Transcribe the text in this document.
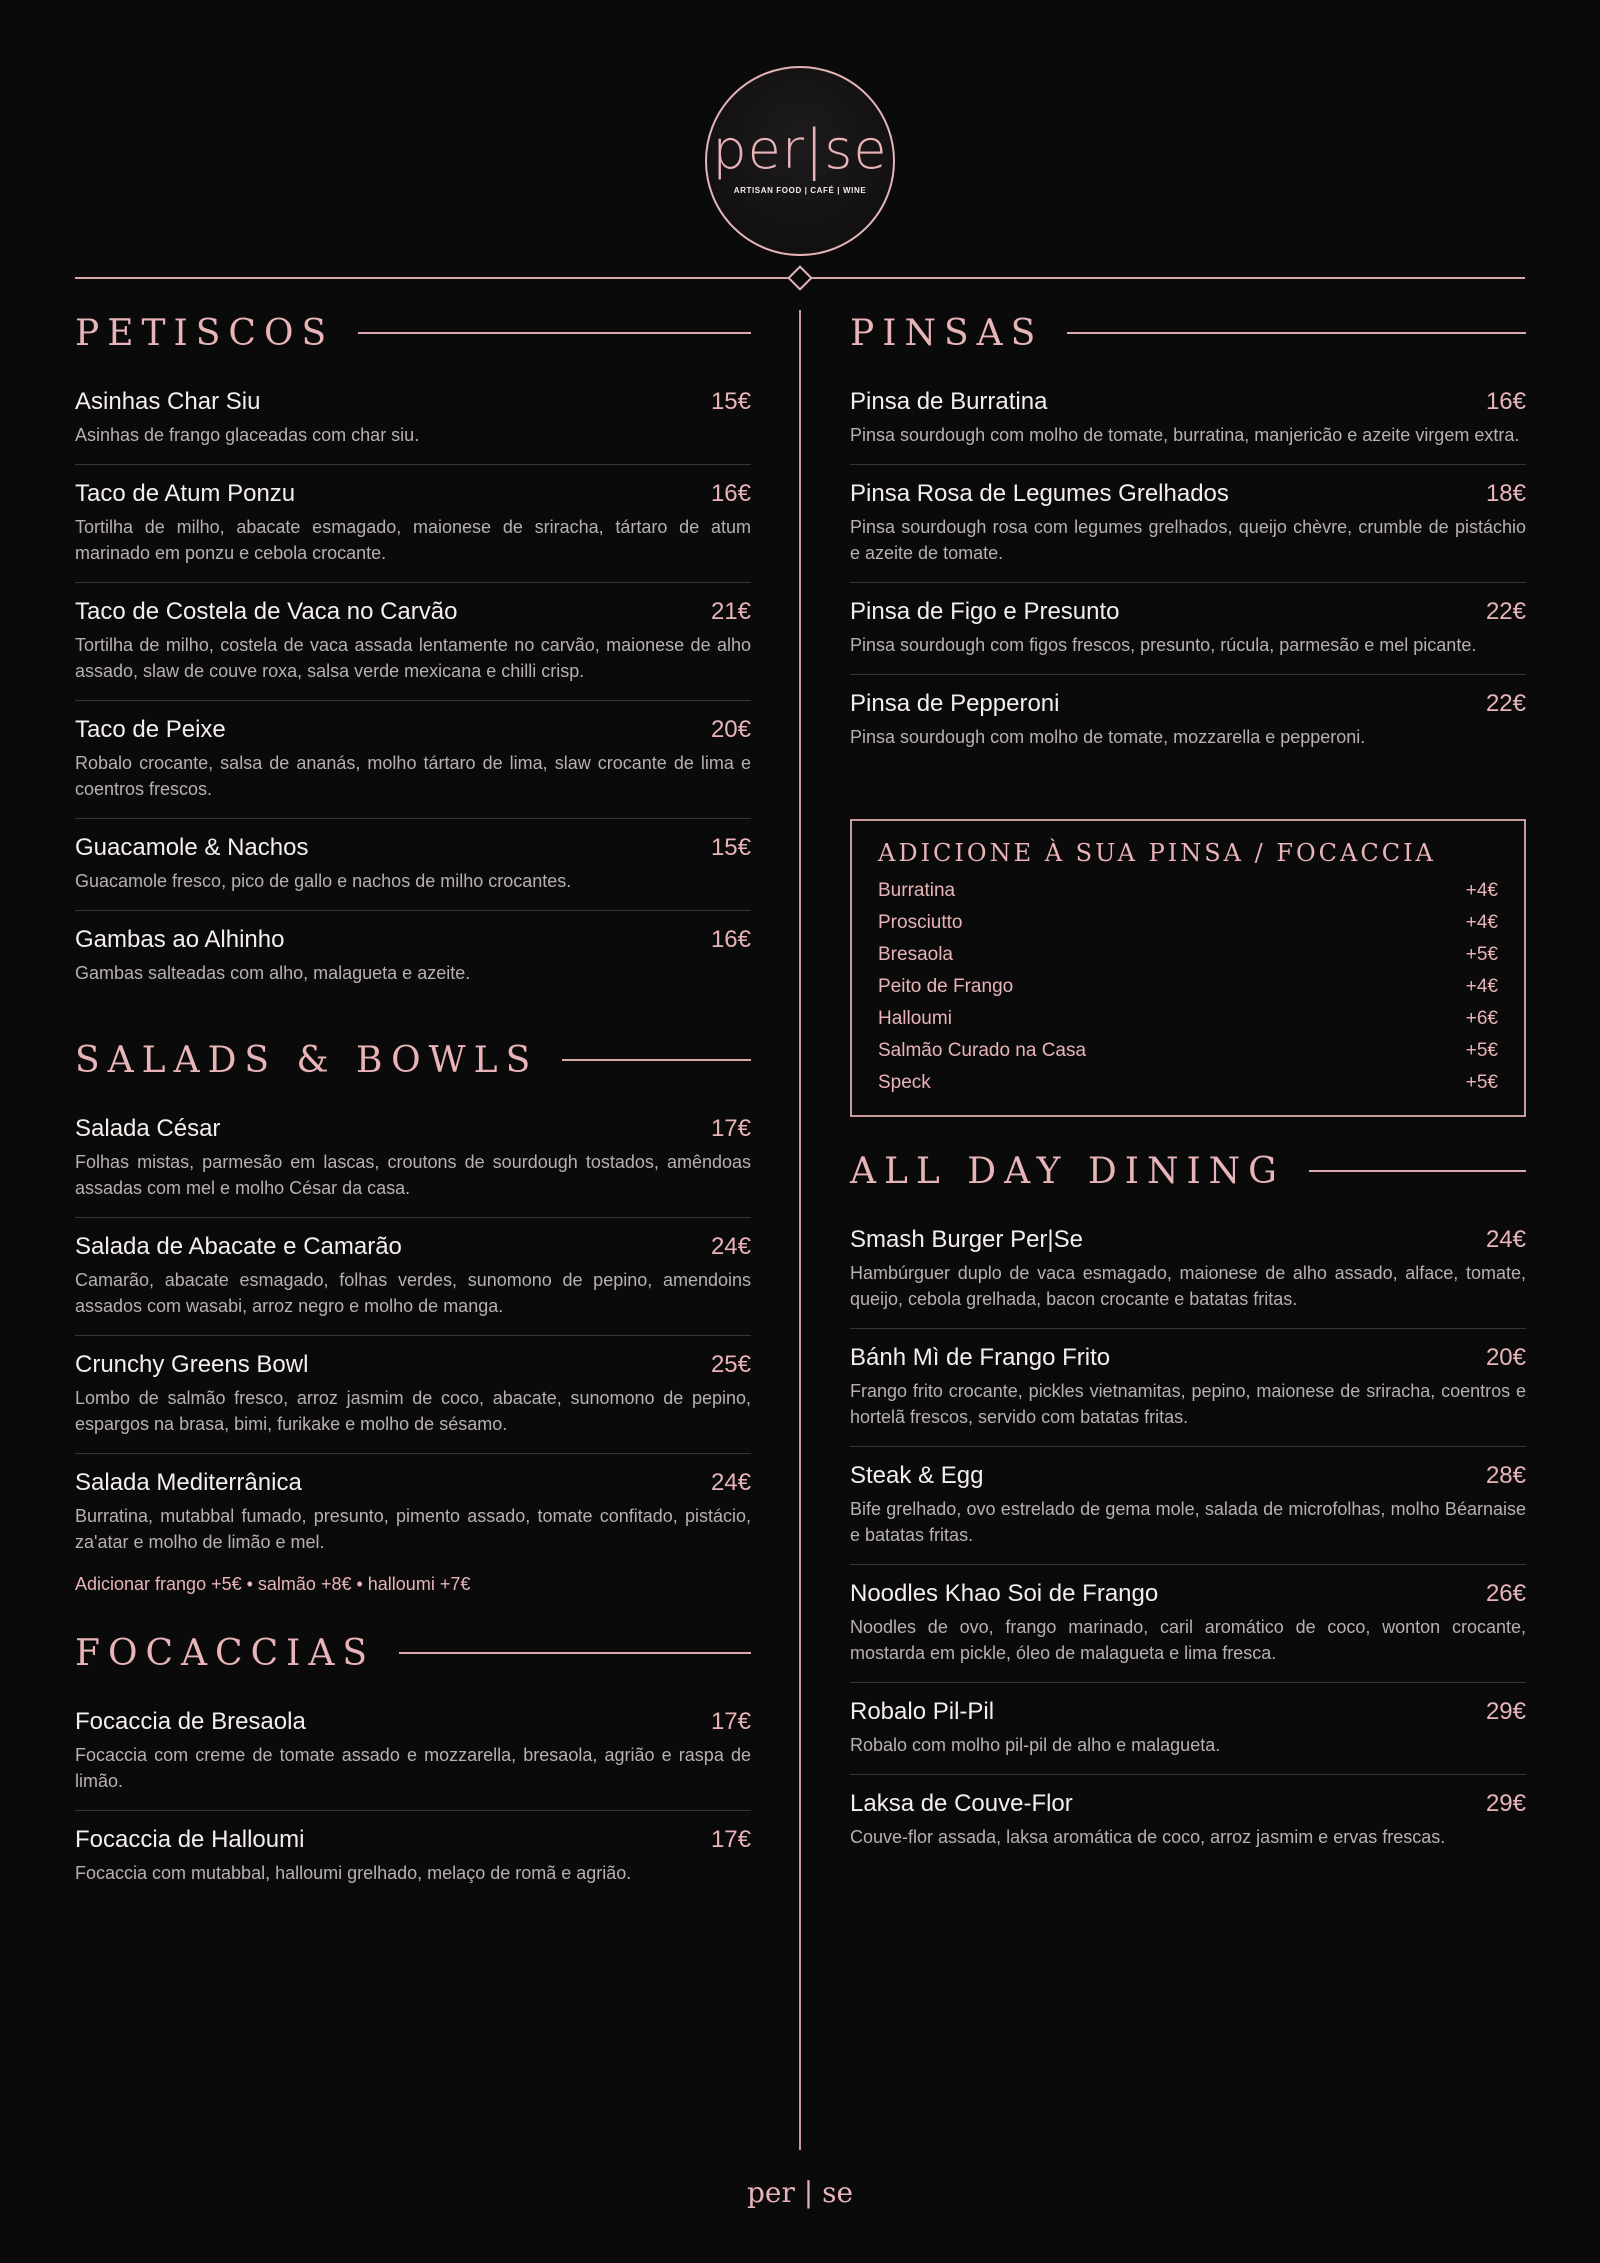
per|se
ARTISAN FOOD | CAFÉ | WINE
PETISCOS
Asinhas Char Siu	15€
Asinhas de frango glaceadas com char siu.
Taco de Atum Ponzu	16€
Tortilha de milho, abacate esmagado, maionese de sriracha, tártaro de atum marinado em ponzu e cebola crocante.
Taco de Costela de Vaca no Carvão	21€
Tortilha de milho, costela de vaca assada lentamente no carvão, maionese de alho assado, slaw de couve roxa, salsa verde mexicana e chilli crisp.
Taco de Peixe	20€
Robalo crocante, salsa de ananás, molho tártaro de lima, slaw crocante de lima e coentros frescos.
Guacamole & Nachos	15€
Guacamole fresco, pico de gallo e nachos de milho crocantes.
Gambas ao Alhinho	16€
Gambas salteadas com alho, malagueta e azeite.
SALADS & BOWLS
Salada César	17€
Folhas mistas, parmesão em lascas, croutons de sourdough tostados, amêndoas assadas com mel e molho César da casa.
Salada de Abacate e Camarão	24€
Camarão, abacate esmagado, folhas verdes, sunomono de pepino, amendoins assados com wasabi, arroz negro e molho de manga.
Crunchy Greens Bowl	25€
Lombo de salmão fresco, arroz jasmim de coco, abacate, sunomono de pepino, espargos na brasa, bimi, furikake e molho de sésamo.
Salada Mediterrânica	24€
Burratina, mutabbal fumado, presunto, pimento assado, tomate confitado, pistácio, za'atar e molho de limão e mel.
Adicionar frango +5€ • salmão +8€ • halloumi +7€
FOCACCIAS
Focaccia de Bresaola	17€
Focaccia com creme de tomate assado e mozzarella, bresaola, agrião e raspa de limão.
Focaccia de Halloumi	17€
Focaccia com mutabbal, halloumi grelhado, melaço de romã e agrião.
PINSAS
Pinsa de Burratina	16€
Pinsa sourdough com molho de tomate, burratina, manjericão e azeite virgem extra.
Pinsa Rosa de Legumes Grelhados	18€
Pinsa sourdough rosa com legumes grelhados, queijo chèvre, crumble de pistáchio e azeite de tomate.
Pinsa de Figo e Presunto	22€
Pinsa sourdough com figos frescos, presunto, rúcula, parmesão e mel picante.
Pinsa de Pepperoni	22€
Pinsa sourdough com molho de tomate, mozzarella e pepperoni.
ADICIONE À SUA PINSA / FOCACCIA
Burratina	+4€
Prosciutto	+4€
Bresaola	+5€
Peito de Frango	+4€
Halloumi	+6€
Salmão Curado na Casa	+5€
Speck	+5€
ALL DAY DINING
Smash Burger Per|Se	24€
Hambúrguer duplo de vaca esmagado, maionese de alho assado, alface, tomate, queijo, cebola grelhada, bacon crocante e batatas fritas.
Bánh Mì de Frango Frito	20€
Frango frito crocante, pickles vietnamitas, pepino, maionese de sriracha, coentros e hortelã frescos, servido com batatas fritas.
Steak & Egg	28€
Bife grelhado, ovo estrelado de gema mole, salada de microfolhas, molho Béarnaise e batatas fritas.
Noodles Khao Soi de Frango	26€
Noodles de ovo, frango marinado, caril aromático de coco, wonton crocante, mostarda em pickle, óleo de malagueta e lima fresca.
Robalo Pil-Pil	29€
Robalo com molho pil-pil de alho e malagueta.
Laksa de Couve-Flor	29€
Couve-flor assada, laksa aromática de coco, arroz jasmim e ervas frescas.
per | se
